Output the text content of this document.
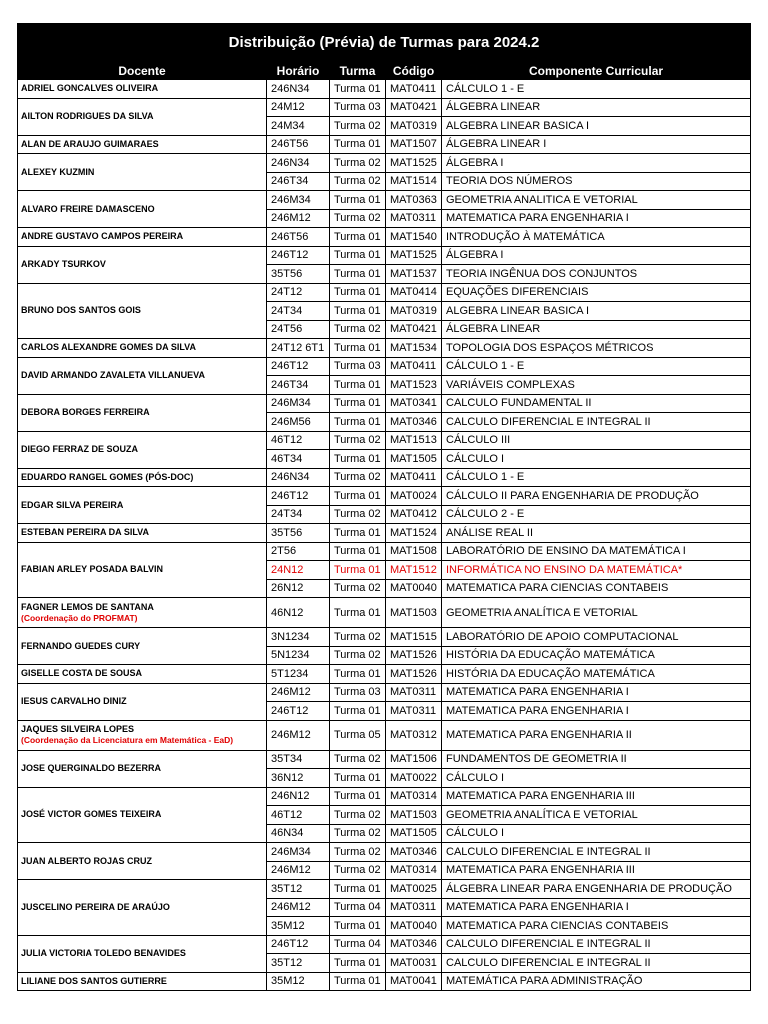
Distribuição (Prévia) de Turmas para 2024.2				
Docente	Horário	Turma	Código	Componente Curricular
ADRIEL GONCALVES OLIVEIRA	246N34	Turma 01	MAT0411	CÁLCULO 1 - E
AILTON RODRIGUES DA SILVA	24M12	Turma 03	MAT0421	ÁLGEBRA LINEAR
	24M34	Turma 02	MAT0319	ALGEBRA LINEAR BASICA I
ALAN DE ARAUJO GUIMARAES	246T56	Turma 01	MAT1507	ÁLGEBRA LINEAR I
ALEXEY KUZMIN	246N34	Turma 02	MAT1525	ÁLGEBRA I
	246T34	Turma 02	MAT1514	TEORIA DOS NÚMEROS
ALVARO FREIRE DAMASCENO	246M34	Turma 01	MAT0363	GEOMETRIA ANALITICA E VETORIAL
	246M12	Turma 02	MAT0311	MATEMATICA PARA ENGENHARIA I
ANDRE GUSTAVO CAMPOS PEREIRA	246T56	Turma 01	MAT1540	INTRODUÇÃO À MATEMÁTICA
ARKADY TSURKOV	246T12	Turma 01	MAT1525	ÁLGEBRA I
	35T56	Turma 01	MAT1537	TEORIA INGÊNUA DOS CONJUNTOS
BRUNO DOS SANTOS GOIS	24T12	Turma 01	MAT0414	EQUAÇÕES DIFERENCIAIS
	24T34	Turma 01	MAT0319	ALGEBRA LINEAR BASICA I
	24T56	Turma 02	MAT0421	ÁLGEBRA LINEAR
CARLOS ALEXANDRE GOMES DA SILVA	24T12 6T1	Turma 01	MAT1534	TOPOLOGIA DOS ESPAÇOS MÉTRICOS
DAVID ARMANDO ZAVALETA VILLANUEVA	246T12	Turma 03	MAT0411	CÁLCULO 1 - E
	246T34	Turma 01	MAT1523	VARIÁVEIS COMPLEXAS
DEBORA BORGES FERREIRA	246M34	Turma 01	MAT0341	CALCULO FUNDAMENTAL II
	246M56	Turma 01	MAT0346	CALCULO DIFERENCIAL E INTEGRAL II
DIEGO FERRAZ DE SOUZA	46T12	Turma 02	MAT1513	CÁLCULO III
	46T34	Turma 01	MAT1505	CÁLCULO I
EDUARDO RANGEL GOMES (PÓS-DOC)	246N34	Turma 02	MAT0411	CÁLCULO 1 - E
EDGAR SILVA PEREIRA	246T12	Turma 01	MAT0024	CÁLCULO II PARA ENGENHARIA DE PRODUÇÃO
	24T34	Turma 02	MAT0412	CÁLCULO 2 - E
ESTEBAN PEREIRA DA SILVA	35T56	Turma 01	MAT1524	ANÁLISE REAL II
FABIAN ARLEY POSADA BALVIN	2T56	Turma 01	MAT1508	LABORATÓRIO DE ENSINO DA MATEMÁTICA I
	24N12	Turma 01	MAT1512	INFORMÁTICA NO ENSINO DA MATEMÁTICA*
	26N12	Turma 02	MAT0040	MATEMATICA PARA CIENCIAS CONTABEIS
FAGNER LEMOS DE SANTANA
(Coordenação do PROFMAT)	46N12	Turma 01	MAT1503	GEOMETRIA ANALÍTICA E VETORIAL
FERNANDO GUEDES CURY	3N1234	Turma 02	MAT1515	LABORATÓRIO DE APOIO COMPUTACIONAL
	5N1234	Turma 02	MAT1526	HISTÓRIA DA EDUCAÇÃO MATEMÁTICA
GISELLE COSTA DE SOUSA	5T1234	Turma 01	MAT1526	HISTÓRIA DA EDUCAÇÃO MATEMÁTICA
IESUS CARVALHO DINIZ	246M12	Turma 03	MAT0311	MATEMATICA PARA ENGENHARIA I
	246T12	Turma 01	MAT0311	MATEMATICA PARA ENGENHARIA I
JAQUES SILVEIRA LOPES
(Coordenação da Licenciatura em Matemática - EaD)	246M12	Turma 05	MAT0312	MATEMATICA PARA ENGENHARIA II
JOSE QUERGINALDO BEZERRA	35T34	Turma 02	MAT1506	FUNDAMENTOS DE GEOMETRIA II
	36N12	Turma 01	MAT0022	CÁLCULO I
JOSÉ VICTOR GOMES TEIXEIRA	246N12	Turma 01	MAT0314	MATEMATICA PARA ENGENHARIA III
	46T12	Turma 02	MAT1503	GEOMETRIA ANALÍTICA E VETORIAL
	46N34	Turma 02	MAT1505	CÁLCULO I
JUAN ALBERTO ROJAS CRUZ	246M34	Turma 02	MAT0346	CALCULO DIFERENCIAL E INTEGRAL II
	246M12	Turma 02	MAT0314	MATEMATICA PARA ENGENHARIA III
JUSCELINO PEREIRA DE ARAÚJO	35T12	Turma 01	MAT0025	ÁLGEBRA LINEAR PARA ENGENHARIA DE PRODUÇÃO
	246M12	Turma 04	MAT0311	MATEMATICA PARA ENGENHARIA I
	35M12	Turma 01	MAT0040	MATEMATICA PARA CIENCIAS CONTABEIS
JULIA VICTORIA TOLEDO BENAVIDES	246T12	Turma 04	MAT0346	CALCULO DIFERENCIAL E INTEGRAL II
	35T12	Turma 01	MAT0031	CALCULO DIFERENCIAL E INTEGRAL II
LILIANE DOS SANTOS GUTIERRE	35M12	Turma 01	MAT0041	MATEMÁTICA PARA ADMINISTRAÇÃO
